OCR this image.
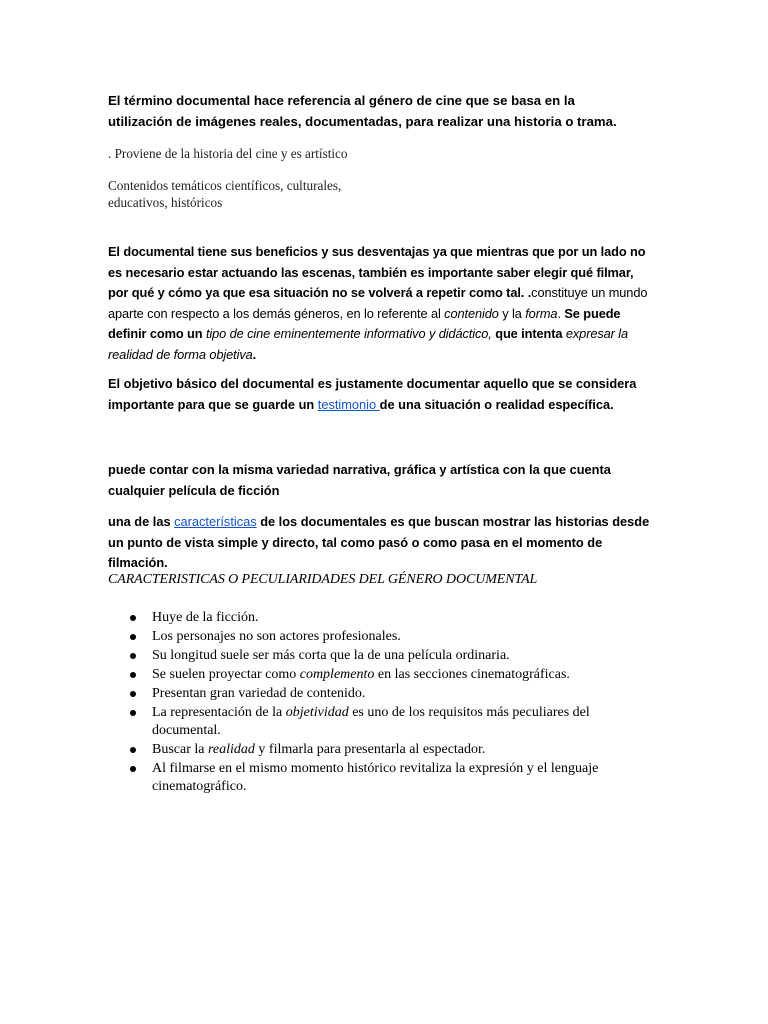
El término documental hace referencia al género de cine que se basa en la utilización de imágenes reales, documentadas, para realizar una historia o trama.

. Proviene de la historia del cine y es artístico

Contenidos temáticos científicos, culturales, educativos, históricos

El documental tiene sus beneficios y sus desventajas ya que mientras que por un lado no es necesario estar actuando las escenas, también es importante saber elegir qué filmar, por qué y cómo ya que esa situación no se volverá a repetir como tal. .constituye un mundo aparte con respecto a los demás géneros, en lo referente al contenido y la forma. Se puede definir como un tipo de cine eminentemente informativo y didáctico, que intenta expresar la realidad de forma objetiva.

El objetivo básico del documental es justamente documentar aquello que se considera importante para que se guarde un testimonio de una situación o realidad específica.

puede contar con la misma variedad narrativa, gráfica y artística con la que cuenta cualquier película de ficción

una de las características de los documentales es que buscan mostrar las historias desde un punto de vista simple y directo, tal como pasó o como pasa en el momento de filmación.

CARACTERISTICAS O PECULIARIDADES DEL GÉNERO DOCUMENTAL

Huye de la ficción.
Los personajes no son actores profesionales.
Su longitud suele ser más corta que la de una película ordinaria.
Se suelen proyectar como complemento en las secciones cinematográficas.
Presentan gran variedad de contenido.
La representación de la objetividad es uno de los requisitos más peculiares del documental.
Buscar la realidad y filmarla para presentarla al espectador.
Al filmarse en el mismo momento histórico revitaliza la expresión y el lenguaje cinematográfico.
